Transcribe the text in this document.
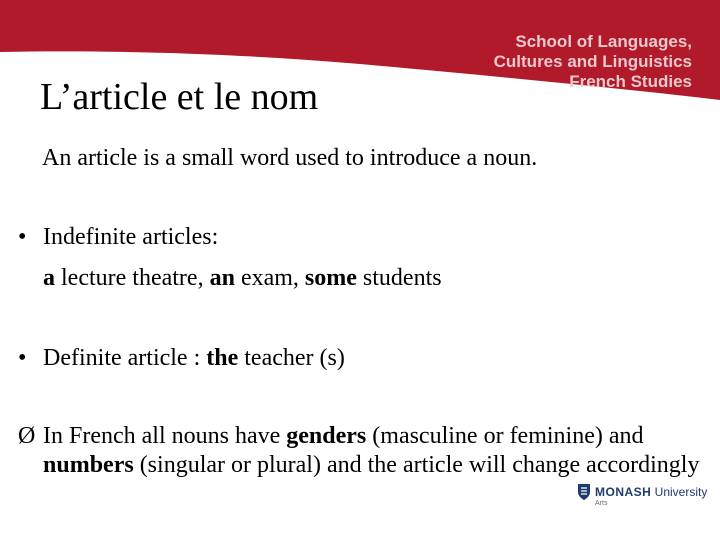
School of Languages,
Cultures and Linguistics
French Studies
L’article et le nom
An article is a small word used to introduce a noun.
• Indefinite articles:
a lecture theatre, an exam, some students
• Definite article : the teacher (s)
Ø In French all nouns have genders (masculine or feminine) and numbers (singular or plural) and the article will change accordingly
MONASH University
Arts
